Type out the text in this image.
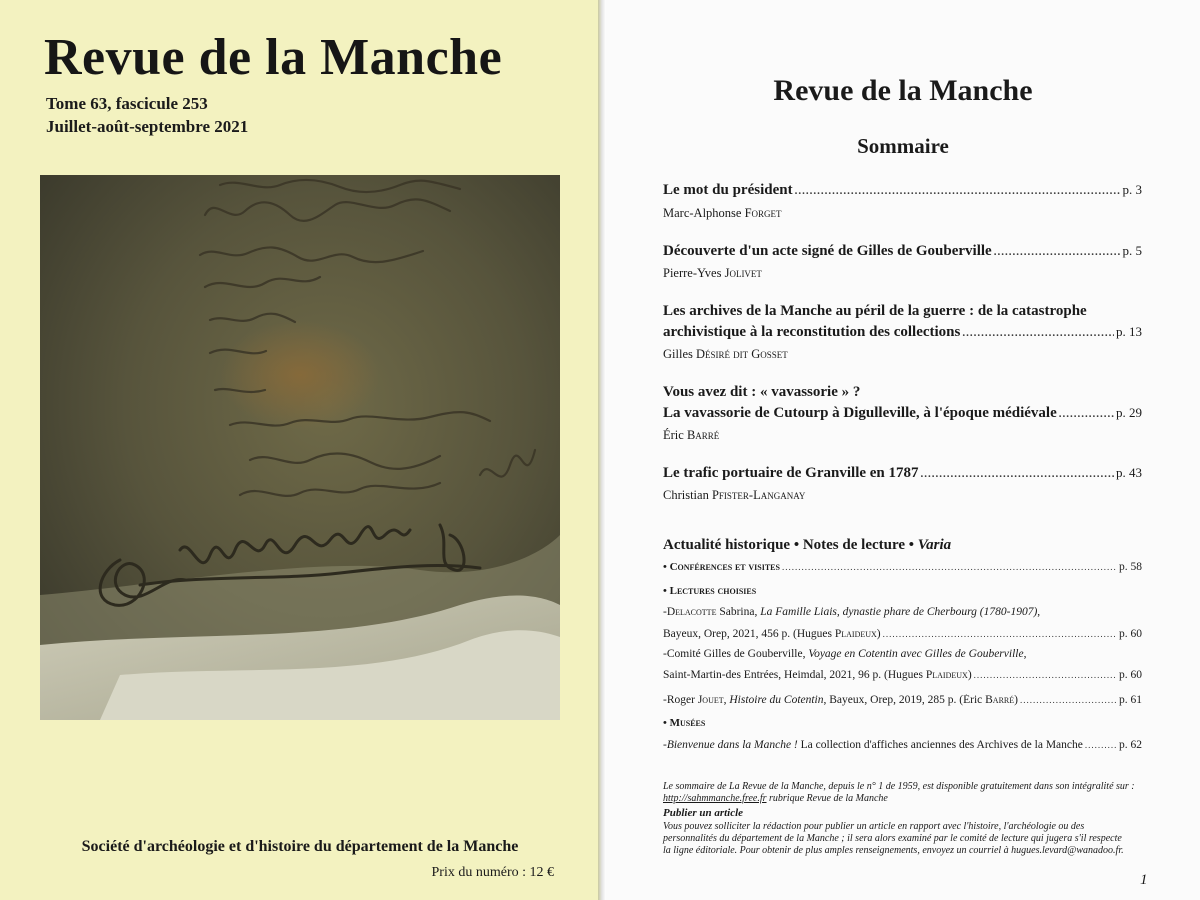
Revue de la Manche
Tome 63, fascicule 253
Juillet-août-septembre 2021
Société d'archéologie et d'histoire du département de la Manche
Prix du numéro : 12 €
Revue de la Manche
Sommaire
Le mot du président .....	p. 3
Marc-Alphonse Forget
Découverte d'un acte signé de Gilles de Gouberville .....	p. 5
Pierre-Yves Jolivet
Les archives de la Manche au péril de la guerre : de la catastrophe
archivistique à la reconstitution des collections .....	p. 13
Gilles Désiré dit Gosset
Vous avez dit : « vavassorie » ?
La vavassorie de Cutourp à Digulleville, à l'époque médiévale .....	p. 29
Éric Barré
Le trafic portuaire de Granville en 1787 .....	p. 43
Christian Pfister-Langanay
Actualité historique • Notes de lecture • Varia
• Conférences et visites .....	p. 58
• Lectures choisies
-Delacotte Sabrina, La Famille Liais, dynastie phare de Cherbourg (1780-1907),
Bayeux, Orep, 2021, 456 p. (Hugues Plaideux) .....	p. 60
-Comité Gilles de Gouberville, Voyage en Cotentin avec Gilles de Gouberville,
Saint-Martin-des Entrées, Heimdal, 2021, 96 p. (Hugues Plaideux) .....	p. 60
-Roger Jouet, Histoire du Cotentin, Bayeux, Orep, 2019, 285 p. (Éric Barré) .....	p. 61
• Musées
-Bienvenue dans la Manche ! La collection d'affiches anciennes des Archives de la Manche .....	p. 62
Le sommaire de La Revue de la Manche, depuis le n° 1 de 1959, est disponible gratuitement dans son intégralité sur :
http://sahmmanche.free.fr rubrique Revue de la Manche
Publier un article
Vous pouvez solliciter la rédaction pour publier un article en rapport avec l'histoire, l'archéologie ou des
personnalités du département de la Manche ; il sera alors examiné par le comité de lecture qui jugera s'il respecte
la ligne éditoriale. Pour obtenir de plus amples renseignements, envoyez un courriel à hugues.levard@wanadoo.fr.
1
